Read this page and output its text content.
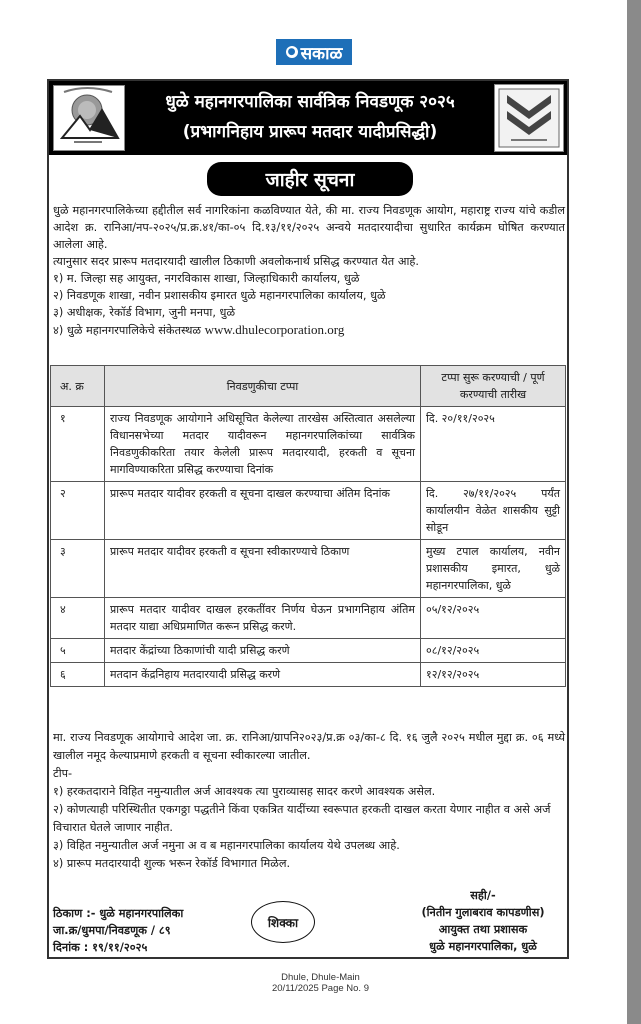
● सकाळ
धुळे महानगरपालिका सार्वत्रिक निवडणूक २०२५
(प्रभागनिहाय प्रारूप मतदार यादीप्रसिद्धी)
जाहीर सूचना

धुळे महानगरपालिकेच्या हद्दीतील सर्व नागरिकांना कळविण्यात येते, की मा. राज्य निवडणूक आयोग, महाराष्ट्र राज्य यांचे कडील आदेश क्र. रानिआ/नप-२०२५/प्र.क्र.४१/का-०५ दि.१३/११/२०२५ अन्वये मतदारयादीचा सुधारित कार्यक्रम घोषित करण्यात आलेला आहे.

त्यानुसार सदर प्रारूप मतदारयादी खालील ठिकाणी अवलोकनार्थ प्रसिद्ध करण्यात येत आहे.

१) म. जिल्हा सह आयुक्त, नगरविकास शाखा, जिल्हाधिकारी कार्यालय, धुळे

२) निवडणूक शाखा, नवीन प्रशासकीय इमारत धुळे महानगरपालिका कार्यालय, धुळे

३) अधीक्षक, रेकॉर्ड विभाग, जुनी मनपा, धुळे

४) धुळे महानगरपालिकेचे संकेतस्थळ www.dhulecorporation.org

अ. क्र	निवडणुकीचा टप्पा	टप्पा सुरू करण्याची / पूर्ण करण्याची तारीख
१	राज्य निवडणूक आयोगाने अधिसूचित केलेल्या तारखेस अस्तित्वात असलेल्या विधानसभेच्या मतदार यादीवरून महानगरपालिकांच्या सार्वत्रिक निवडणुकीकरिता तयार केलेली प्रारूप मतदारयादी, हरकती व सूचना मागविण्याकरिता प्रसिद्ध करण्याचा दिनांक	दि. २०/११/२०२५
२	प्रारूप मतदार यादीवर हरकती व सूचना दाखल करण्याचा अंतिम दिनांक	दि. २७/११/२०२५ पर्यंत कार्यालयीन वेळेत शासकीय सुट्टी सोडून
३	प्रारूप मतदार यादीवर हरकती व सूचना स्वीकारण्याचे ठिकाण	मुख्य टपाल कार्यालय, नवीन प्रशासकीय इमारत, धुळे महानगरपालिका, धुळे
४	प्रारूप मतदार यादीवर दाखल हरकतींवर निर्णय घेऊन प्रभागनिहाय अंतिम मतदार याद्या अधिप्रमाणित करून प्रसिद्ध करणे.	०५/१२/२०२५
५	मतदार केंद्रांच्या ठिकाणांची यादी प्रसिद्ध करणे	०८/१२/२०२५
६	मतदान केंद्रनिहाय मतदारयादी प्रसिद्ध करणे	१२/१२/२०२५

मा. राज्य निवडणूक आयोगाचे आदेश जा. क्र. रानिआ/ग्रापनि२०२३/प्र.क्र ०३/का-८ दि. १६ जुलै २०२५ मधील मुद्दा क्र. ०६ मध्ये खालील नमूद केल्याप्रमाणे हरकती व सूचना स्वीकारल्या जातील.

टीप-

१) हरकतदाराने विहित नमुन्यातील अर्ज आवश्यक त्या पुराव्यासह सादर करणे आवश्यक असेल.

२) कोणत्याही परिस्थितीत एकगठ्ठा पद्धतीने किंवा एकत्रित यादींच्या स्वरूपात हरकती दाखल करता येणार नाहीत व असे अर्ज विचारात घेतले जाणार नाहीत.

३) विहित नमुन्यातील अर्ज नमुना अ व ब महानगरपालिका कार्यालय येथे उपलब्ध आहे.

४) प्रारूप मतदारयादी शुल्क भरून रेकॉर्ड विभागात मिळेल.

ठिकाण :- धुळे महानगरपालिका
जा.क्र/धुमपा/निवडणूक / ८९
दिनांक : १९/११/२०२५
शिक्का
सही/-
(नितीन गुलाबराव कापडणीस)
आयुक्त तथा प्रशासक
धुळे महानगरपालिका, धुळे
Dhule, Dhule-Main
20/11/2025 Page No. 9
